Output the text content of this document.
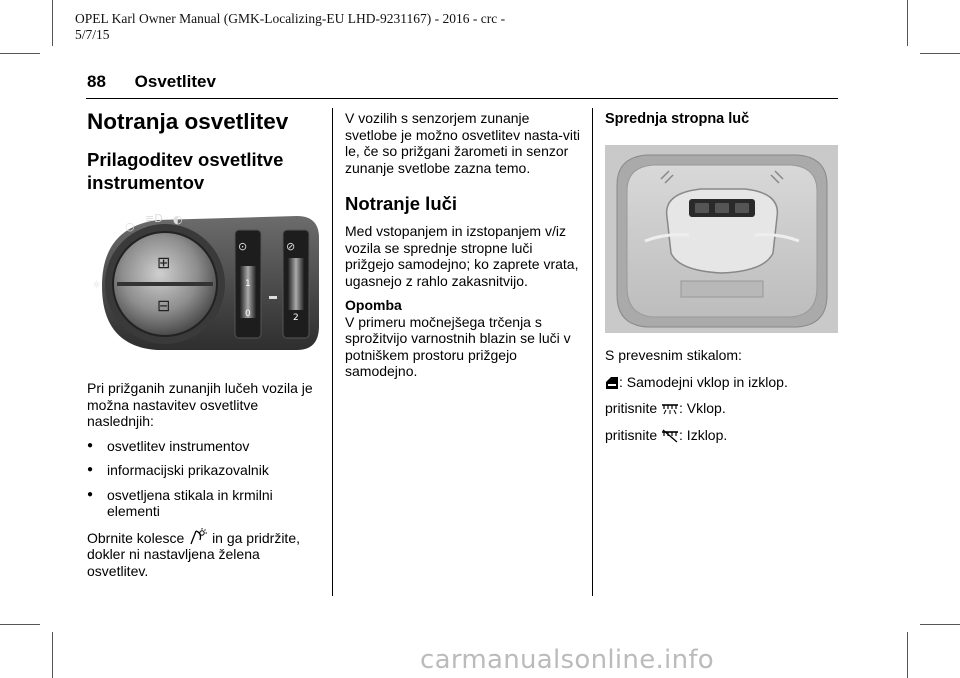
OPEL Karl Owner Manual (GMK-Localizing-EU LHD-9231167) - 2016 - crc -
5/7/15
88 Osvetlitev
Notranja osvetlitev
Prilagoditev osvetlitve instrumentov
⊞
⊟
○
≡D ◐
☼
⊙
1
0
⊘
2

Pri prižganih zunanjih lučeh vozila je možna nastavitev osvetlitve naslednjih:

● osvetlitev instrumentov
● informacijski prikazovalnik
● osvetljena stikala in krmilni elementi

Obrnite kolesce in ga pridržite, dokler ni nastavljena želena osvetlitev.

V vozilih s senzorjem zunanje svetlobe je možno osvetlitev nasta-viti le, če so prižgani žarometi in senzor zunanje svetlobe zazna temo.

Notranje luči

Med vstopanjem in izstopanjem v/iz vozila se sprednje stropne luči prižgejo samodejno; ko zaprete vrata, ugasnejo z rahlo zakasnitvijo.

Opomba

V primeru močnejšega trčenja s sprožitvijo varnostnih blazin se luči v potniškem prostoru prižgejo samodejno.

Sprednja stropna luč

S prevesnim stikalom:

: Samodejni vklop in izklop.

pritisnite : Vklop.

pritisnite : Izklop.

carmanualsonline.info
